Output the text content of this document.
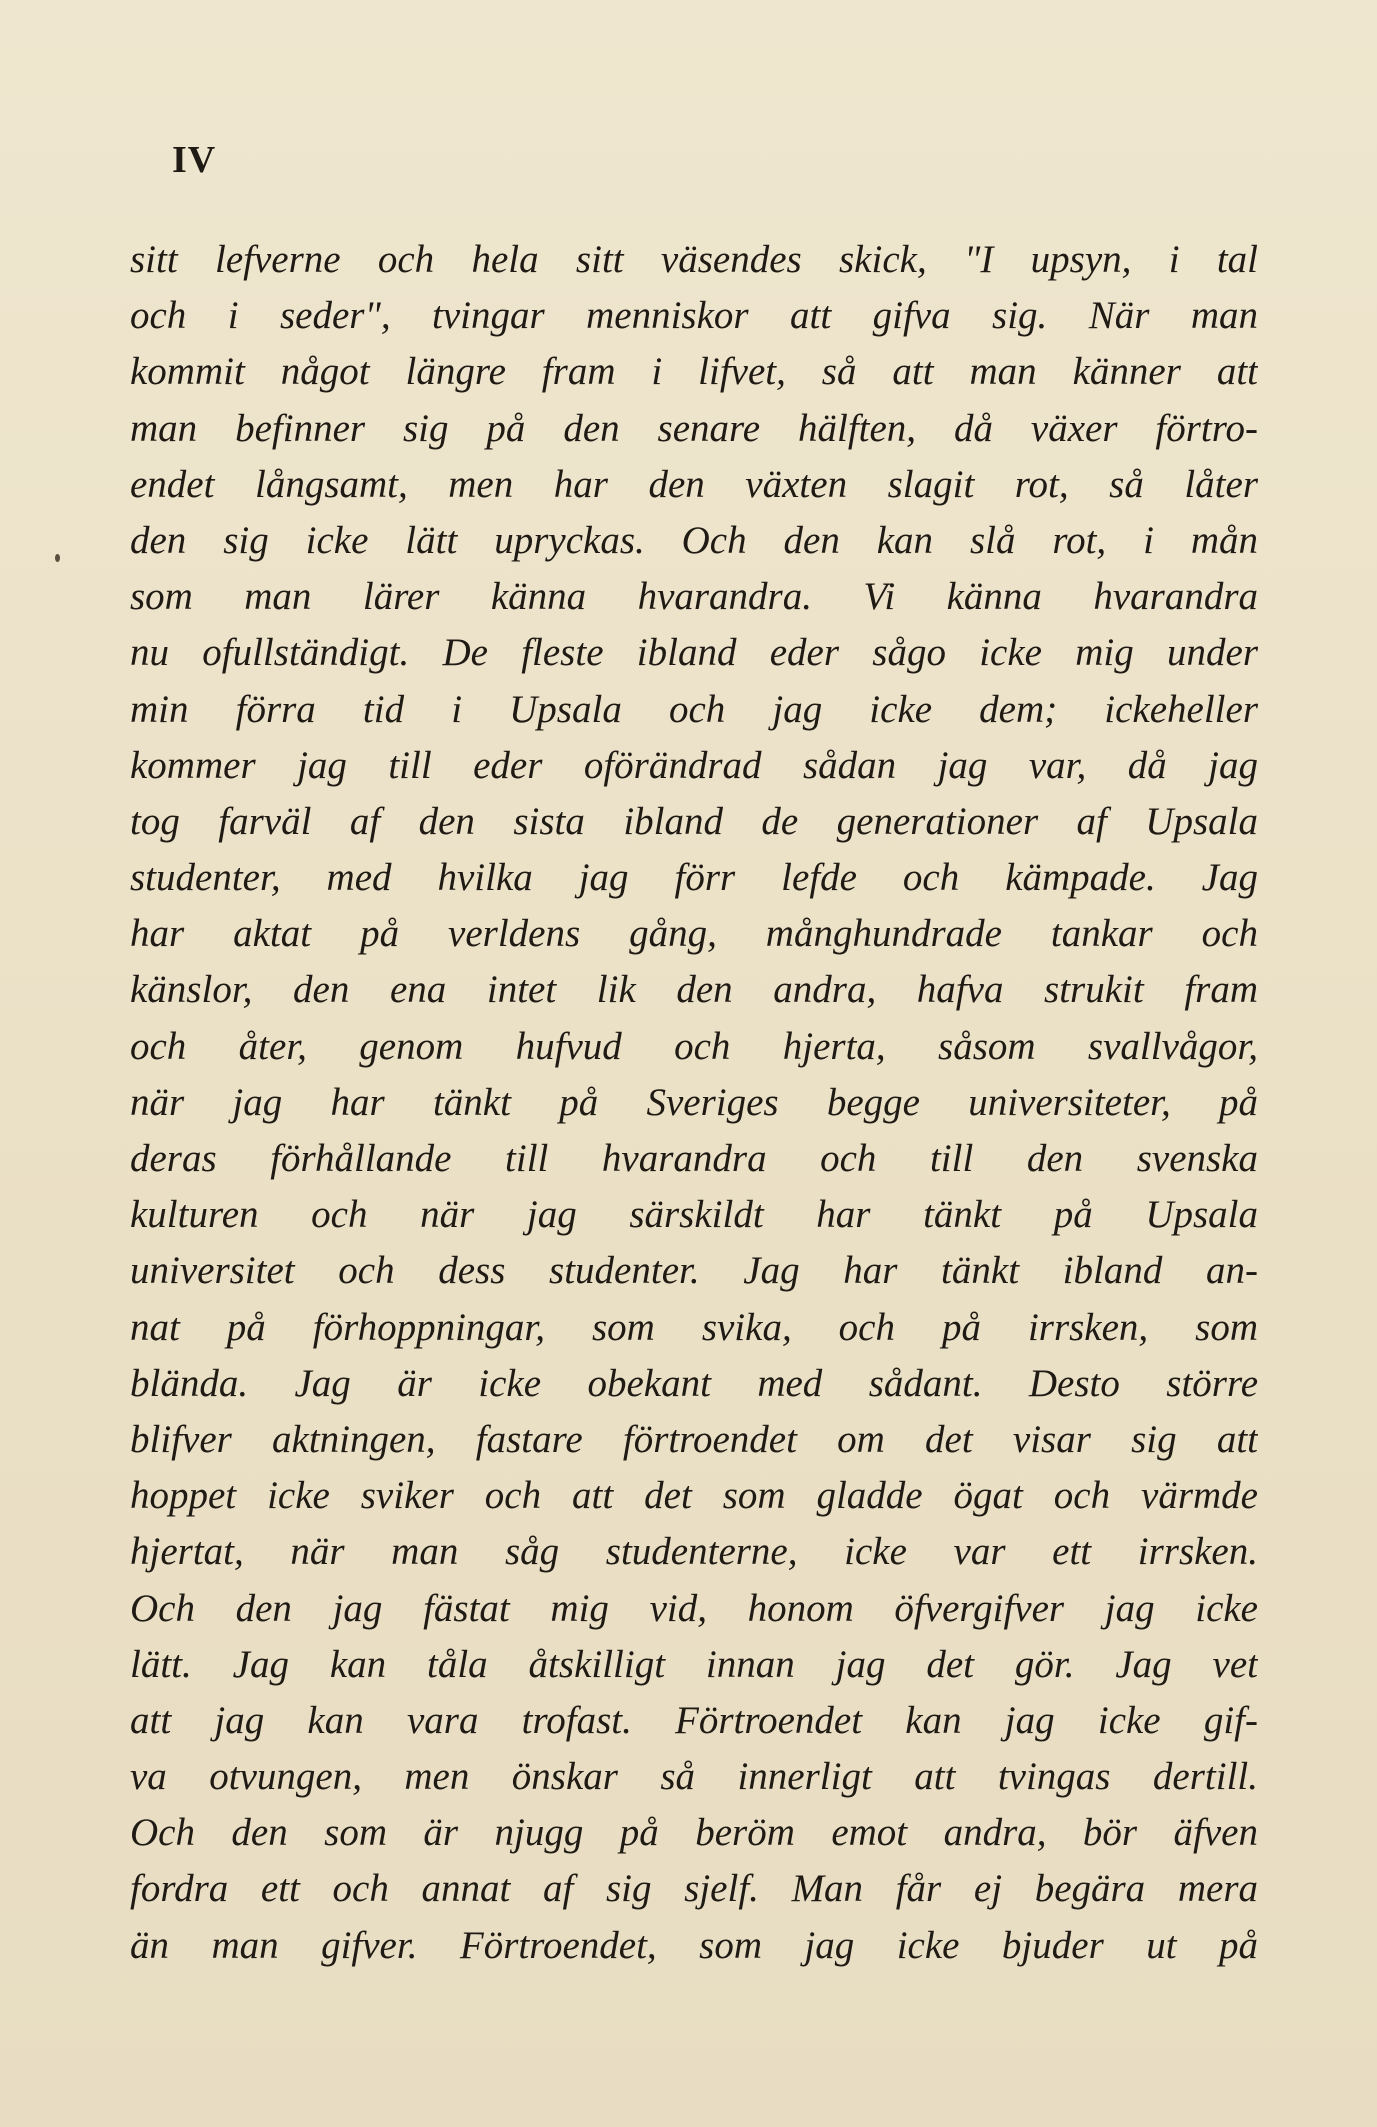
IV
sitt lefverne och hela sitt väsendes skick, "I upsyn, i tal
och i seder", tvingar menniskor att gifva sig. När man
kommit något längre fram i lifvet, så att man känner att
man befinner sig på den senare hälften, då växer förtro-
endet långsamt, men har den växten slagit rot, så låter
den sig icke lätt upryckas. Och den kan slå rot, i mån
som man lärer känna hvarandra. Vi känna hvarandra
nu ofullständigt. De fleste ibland eder sågo icke mig under
min förra tid i Upsala och jag icke dem; ickeheller
kommer jag till eder oförändrad sådan jag var, då jag
tog farväl af den sista ibland de generationer af Upsala
studenter, med hvilka jag förr lefde och kämpade. Jag
har aktat på verldens gång, månghundrade tankar och
känslor, den ena intet lik den andra, hafva strukit fram
och åter, genom hufvud och hjerta, såsom svallvågor,
när jag har tänkt på Sveriges begge universiteter, på
deras förhållande till hvarandra och till den svenska
kulturen och när jag särskildt har tänkt på Upsala
universitet och dess studenter. Jag har tänkt ibland an-
nat på förhoppningar, som svika, och på irrsken, som
blända. Jag är icke obekant med sådant. Desto större
blifver aktningen, fastare förtroendet om det visar sig att
hoppet icke sviker och att det som gladde ögat och värmde
hjertat, när man såg studenterne, icke var ett irrsken.
Och den jag fästat mig vid, honom öfvergifver jag icke
lätt. Jag kan tåla åtskilligt innan jag det gör. Jag vet
att jag kan vara trofast. Förtroendet kan jag icke gif-
va otvungen, men önskar så innerligt att tvingas dertill.
Och den som är njugg på beröm emot andra, bör äfven
fordra ett och annat af sig sjelf. Man får ej begära mera
än man gifver. Förtroendet, som jag icke bjuder ut på
